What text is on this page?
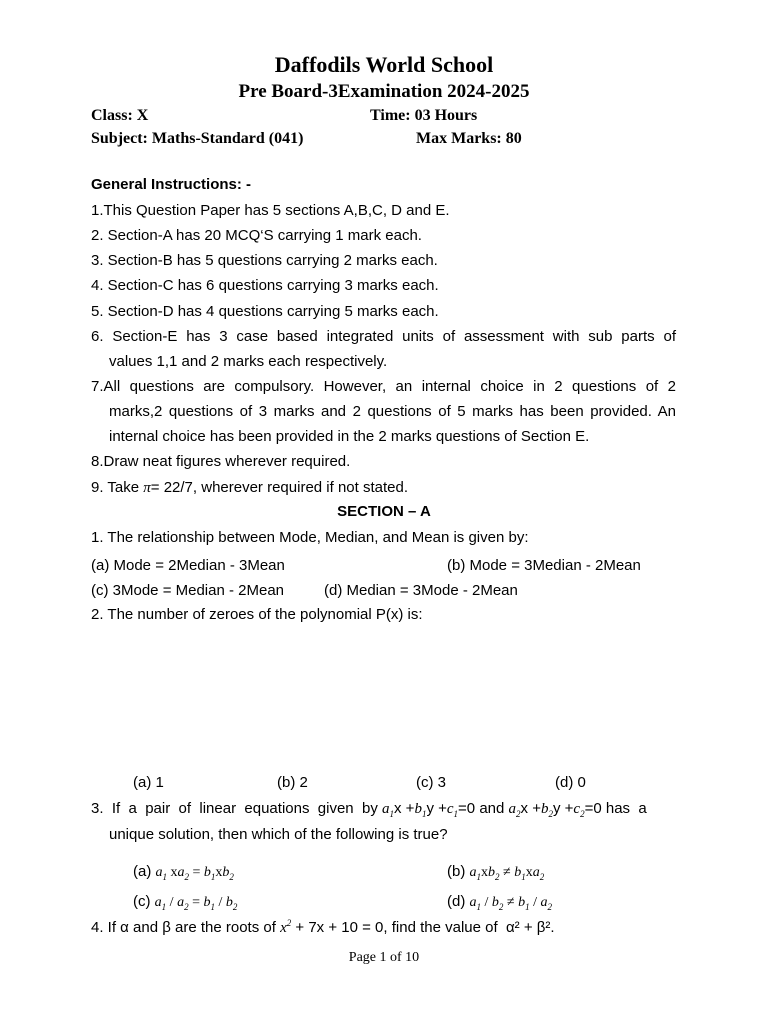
Daffodils World School
Pre Board-3Examination 2024-2025
Class: X	Time: 03 Hours
Subject: Maths-Standard (041)	Max Marks: 80
General Instructions: -
1.This Question Paper has 5 sections A,B,C, D and E.
2. Section-A has 20 MCQ‘S carrying 1 mark each.
3. Section-B has 5 questions carrying 2 marks each.
4. Section-C has 6 questions carrying 3 marks each.
5. Section-D has 4 questions carrying 5 marks each.
6. Section-E has 3 case based integrated units of assessment with sub parts of
values 1,1 and 2 marks each respectively.
7.All questions are compulsory. However, an internal choice in 2 questions of 2
marks,2 questions of 3 marks and 2 questions of 5 marks has been provided. An
internal choice has been provided in the 2 marks questions of Section E.
8.Draw neat figures wherever required.
9. Take π= 22/7, wherever required if not stated.
SECTION – A
1. The relationship between Mode, Median, and Mean is given by:
(a) Mode = 2Median - 3Mean	(b) Mode = 3Median - 2Mean
(c) 3Mode = Median - 2Mean	(d) Median = 3Mode - 2Mean
2. The number of zeroes of the polynomial P(x) is:
(a) 1	(b) 2	(c) 3	(d) 0
3.  If  a  pair  of  linear  equations  given  by $a_1x +b_1y +c_1=0$ and $a_2x +b_2y +c_2=0$ has  a
unique solution, then which of the following is true?
(a) $a_1$ $xa_2 = b_1xb_2$	(b) $a_1xb_2 \ne b_1xa_2$
(c) $a_1 / a_2 = b_1 / b_2$	(d) $a_1 / b_2 \ne b_1 / a_2$
4. If α and β are the roots of $x^2 + 7x + 10 = 0$, find the value of  α² + β².
Page 1 of 10
